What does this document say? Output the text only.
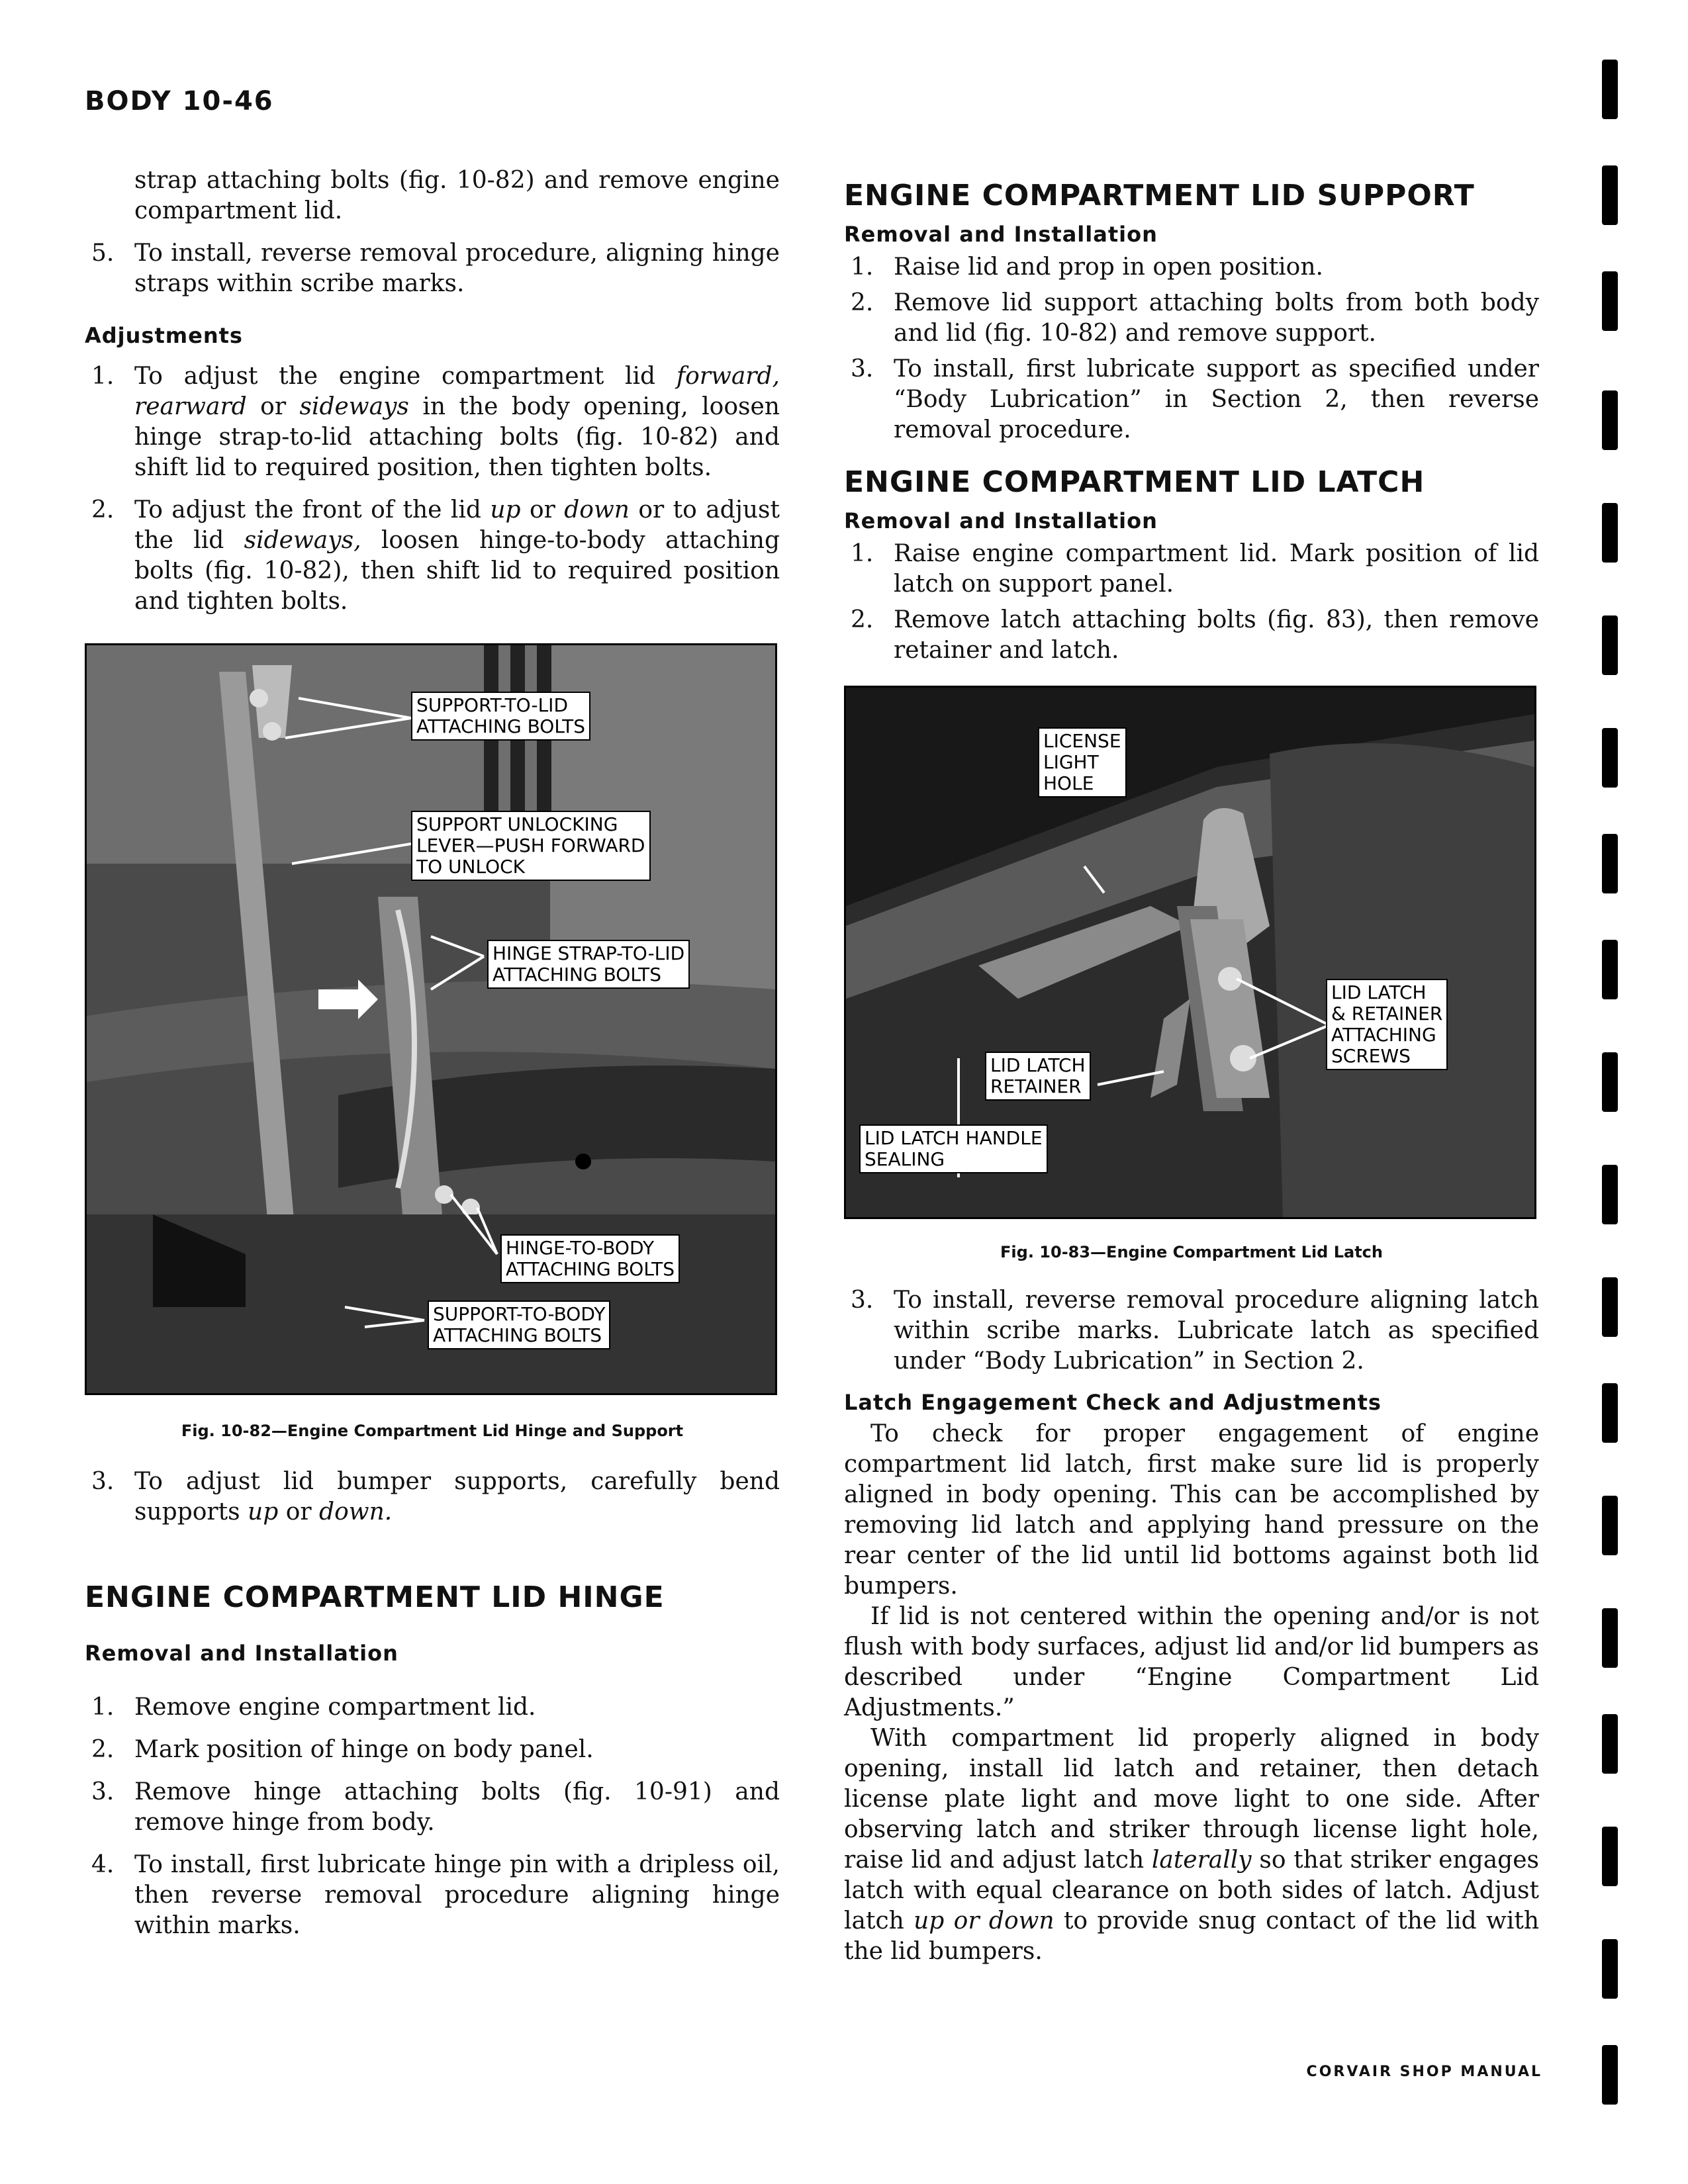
BODY 10-46

strap attaching bolts (fig. 10-82) and remove engine compartment lid.

5. To install, reverse removal procedure, aligning hinge straps within scribe marks.

Adjustments

1. To adjust the engine compartment lid forward, rearward or sideways in the body opening, loosen hinge strap-to-lid attaching bolts (fig. 10-82) and shift lid to required position, then tighten bolts.

2. To adjust the front of the lid up or down or to adjust the lid sideways, loosen hinge-to-body attaching bolts (fig. 10-82), then shift lid to required position and tighten bolts.

SUPPORT-TO-LID
ATTACHING BOLTS
SUPPORT UNLOCKING
LEVER—PUSH FORWARD
TO UNLOCK
HINGE STRAP-TO-LID
ATTACHING BOLTS
HINGE-TO-BODY
ATTACHING BOLTS
SUPPORT-TO-BODY
ATTACHING BOLTS
Fig. 10-82—Engine Compartment Lid Hinge and Support

3. To adjust lid bumper supports, carefully bend supports up or down.

ENGINE COMPARTMENT LID HINGE
Removal and Installation

1. Remove engine compartment lid.

2. Mark position of hinge on body panel.

3. Remove hinge attaching bolts (fig. 10-91) and remove hinge from body.

4. To install, first lubricate hinge pin with a dripless oil, then reverse removal procedure aligning hinge within marks.

ENGINE COMPARTMENT LID SUPPORT
Removal and Installation

1. Raise lid and prop in open position.

2. Remove lid support attaching bolts from both body and lid (fig. 10-82) and remove support.

3. To install, first lubricate support as specified under “Body Lubrication” in Section 2, then reverse removal procedure.

ENGINE COMPARTMENT LID LATCH
Removal and Installation

1. Raise engine compartment lid. Mark position of lid latch on support panel.

2. Remove latch attaching bolts (fig. 83), then remove retainer and latch.

LICENSE
LIGHT
HOLE
LID LATCH
& RETAINER
ATTACHING
SCREWS
LID LATCH
RETAINER
LID LATCH HANDLE
SEALING
Fig. 10-83—Engine Compartment Lid Latch

3. To install, reverse removal procedure aligning latch within scribe marks. Lubricate latch as specified under “Body Lubrication” in Section 2.

Latch Engagement Check and Adjustments

To check for proper engagement of engine compartment lid latch, first make sure lid is properly aligned in body opening. This can be accomplished by removing lid latch and applying hand pressure on the rear center of the lid until lid bottoms against both lid bumpers.

If lid is not centered within the opening and/or is not flush with body surfaces, adjust lid and/or lid bumpers as described under “Engine Compartment Lid Adjustments.”

With compartment lid properly aligned in body opening, install lid latch and retainer, then detach license plate light and move light to one side. After observing latch and striker through license light hole, raise lid and adjust latch laterally so that striker engages latch with equal clearance on both sides of latch. Adjust latch up or down to provide snug contact of the lid with the lid bumpers.

CORVAIR SHOP MANUAL
